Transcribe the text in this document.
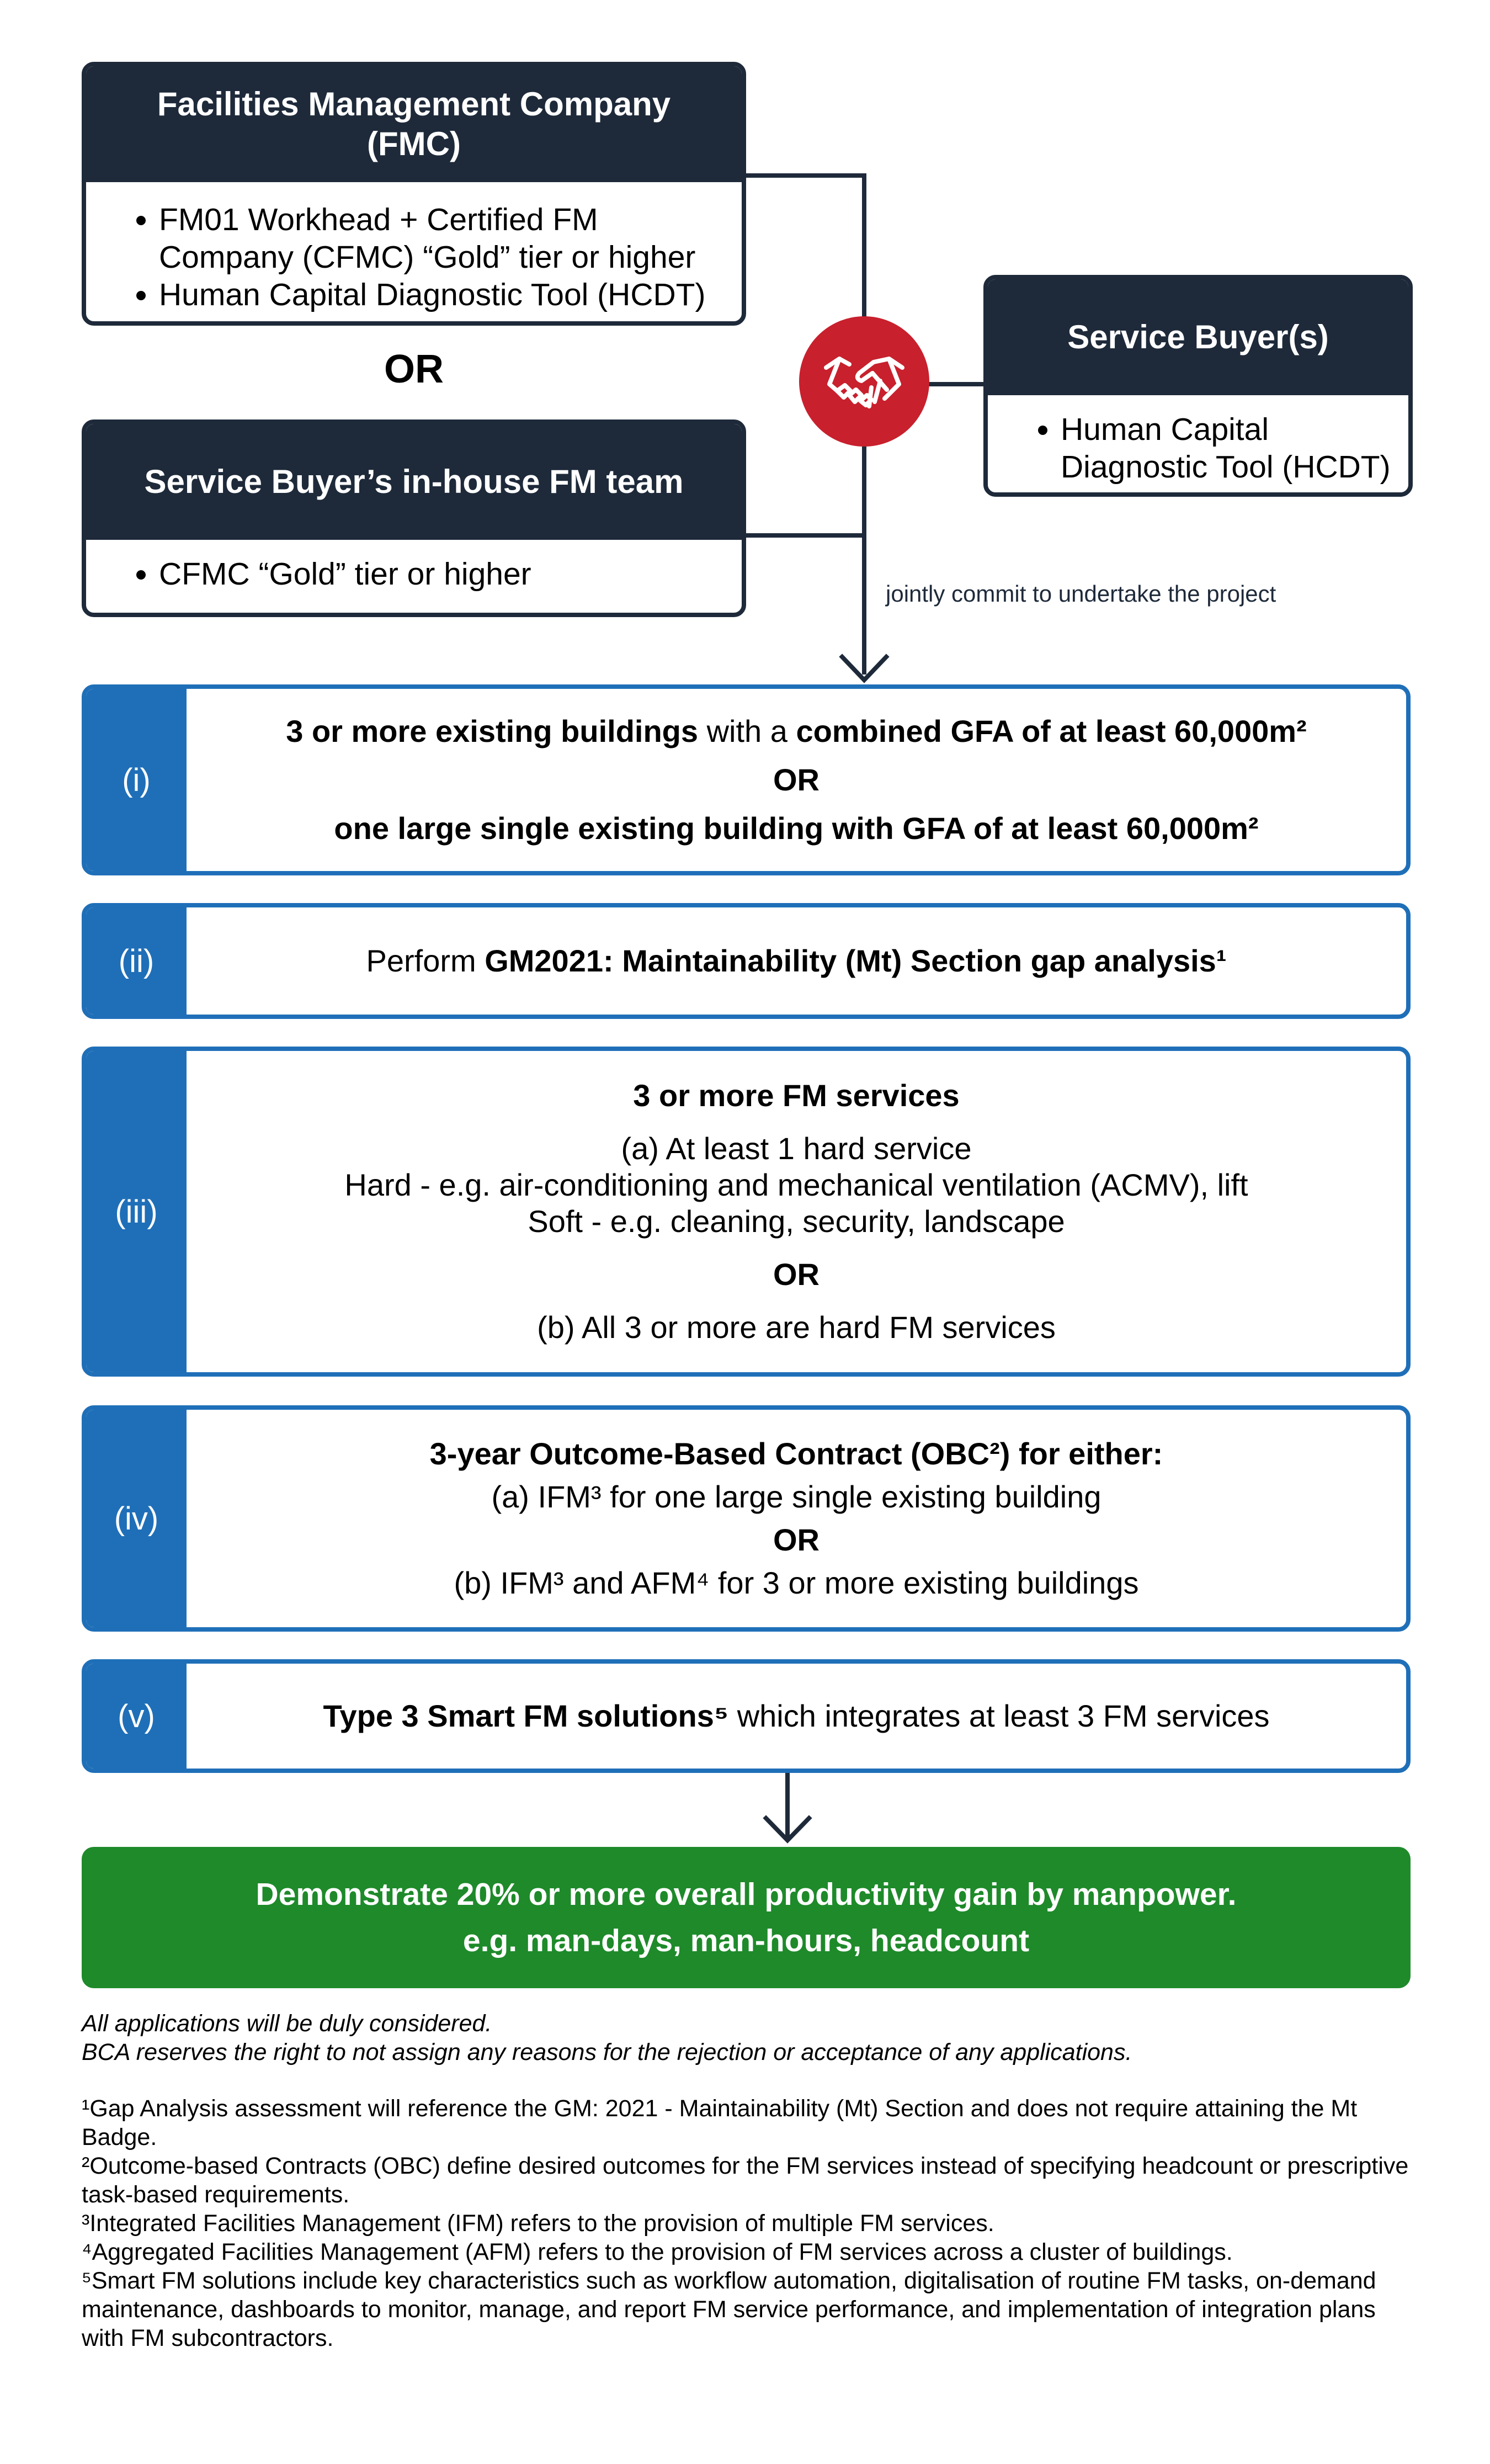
Facilities Management Company
(FMC)
• FM01 Workhead + Certified FM Company (CFMC) “Gold” tier or higher
• Human Capital Diagnostic Tool (HCDT)
OR
Service Buyer’s in-house FM team
• CFMC “Gold” tier or higher
Service Buyer(s)
• Human Capital Diagnostic Tool (HCDT)
jointly commit to undertake the project
(i)
3 or more existing buildings with a combined GFA of at least 60,000m²
OR
one large single existing building with GFA of at least 60,000m²
(ii)	Perform GM2021: Maintainability (Mt) Section gap analysis¹
(iii)
3 or more FM services
(a) At least 1 hard service
Hard - e.g. air-conditioning and mechanical ventilation (ACMV), lift
Soft - e.g. cleaning, security, landscape
OR
(b) All 3 or more are hard FM services
(iv)
3-year Outcome-Based Contract (OBC²) for either:
(a) IFM³ for one large single existing building
OR
(b) IFM³ and AFM⁴ for 3 or more existing buildings
(v)	Type 3 Smart FM solutions⁵ which integrates at least 3 FM services
Demonstrate 20% or more overall productivity gain by manpower.
e.g. man-days, man-hours, headcount

All applications will be duly considered.

BCA reserves the right to not assign any reasons for the rejection or acceptance of any applications.

¹Gap Analysis assessment will reference the GM: 2021 - Maintainability (Mt) Section and does not require attaining the Mt Badge.

²Outcome-based Contracts (OBC) define desired outcomes for the FM services instead of specifying headcount or prescriptive task-based requirements.

³Integrated Facilities Management (IFM) refers to the provision of multiple FM services.

⁴Aggregated Facilities Management (AFM) refers to the provision of FM services across a cluster of buildings.

⁵Smart FM solutions include key characteristics such as workflow automation, digitalisation of routine FM tasks, on-demand maintenance, dashboards to monitor, manage, and report FM service performance, and implementation of integration plans with FM subcontractors.
